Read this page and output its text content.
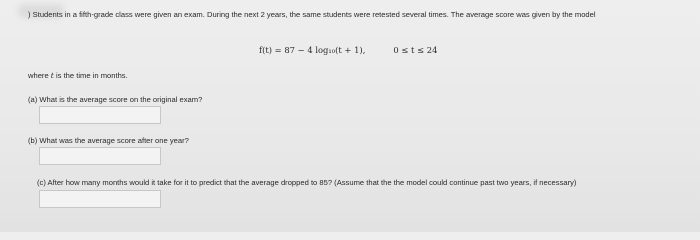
) Students in a fifth-grade class were given an exam. During the next 2 years, the same students were retested several times. The average score was given by the model

f(t) = 87 − 4 log₁₀(t + 1),	0 ≤ t ≤ 24

where t is the time in months.

(a) What is the average score on the original exam?

(b) What was the average score after one year?

(c) After how many months would it take for it to predict that the average dropped to 85? (Assume that the the model could continue past two years, if necessary)
